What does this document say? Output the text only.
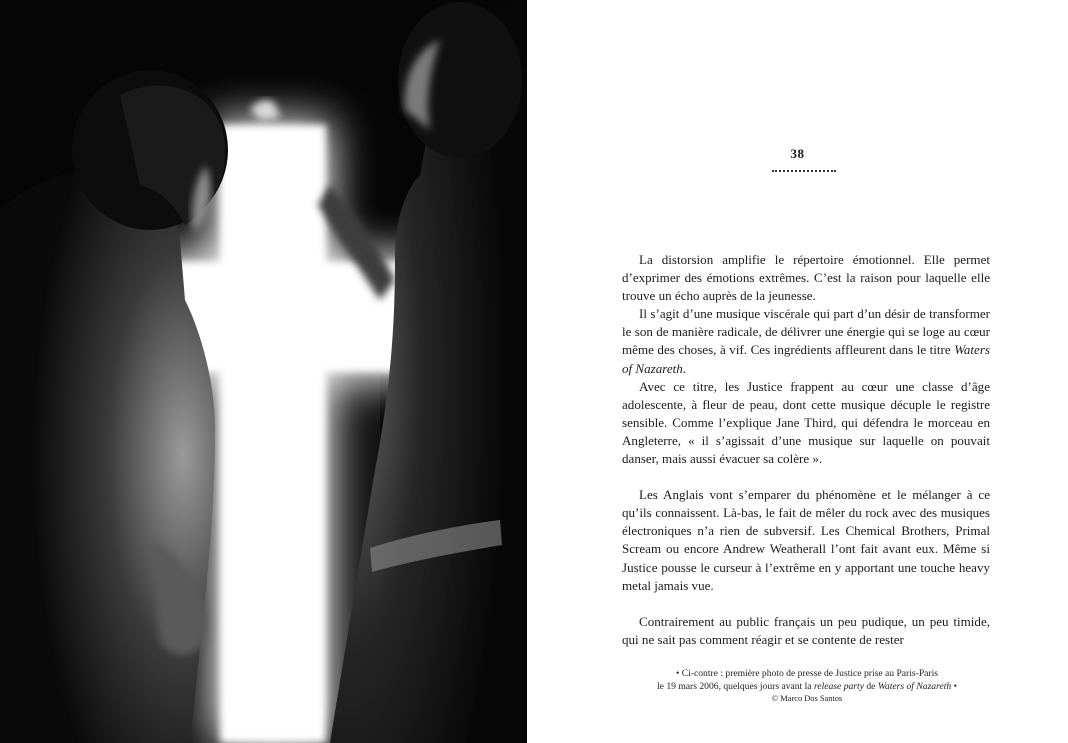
38

La distorsion amplifie le répertoire émotionnel. Elle permet d’exprimer des émotions extrêmes. C’est la raison pour laquelle elle trouve un écho auprès de la jeunesse.

Il s’agit d’une musique viscérale qui part d’un désir de transformer le son de manière radicale, de délivrer une énergie qui se loge au cœur même des choses, à vif. Ces ingrédients affleurent dans le titre Waters of Nazareth.

Avec ce titre, les Justice frappent au cœur une classe d’âge adolescente, à fleur de peau, dont cette musique décuple le registre sensible. Comme l’explique Jane Third, qui défendra le morceau en Angleterre, « il s’agissait d’une musique sur laquelle on pouvait danser, mais aussi évacuer sa colère ».

Les Anglais vont s’emparer du phénomène et le mélanger à ce qu’ils connaissent. Là-bas, le fait de mêler du rock avec des musiques électroniques n’a rien de subversif. Les Chemical Brothers, Primal Scream ou encore Andrew Weatherall l’ont fait avant eux. Même si Justice pousse le curseur à l’extrême en y apportant une touche heavy metal jamais vue.

Contrairement au public français un peu pudique, un peu timide, qui ne sait pas comment réagir et se contente de rester

• Ci-contre : première photo de presse de Justice prise au Paris-Paris
le 19 mars 2006, quelques jours avant la release party de Waters of Nazareth •
© Marco Dos Santos
